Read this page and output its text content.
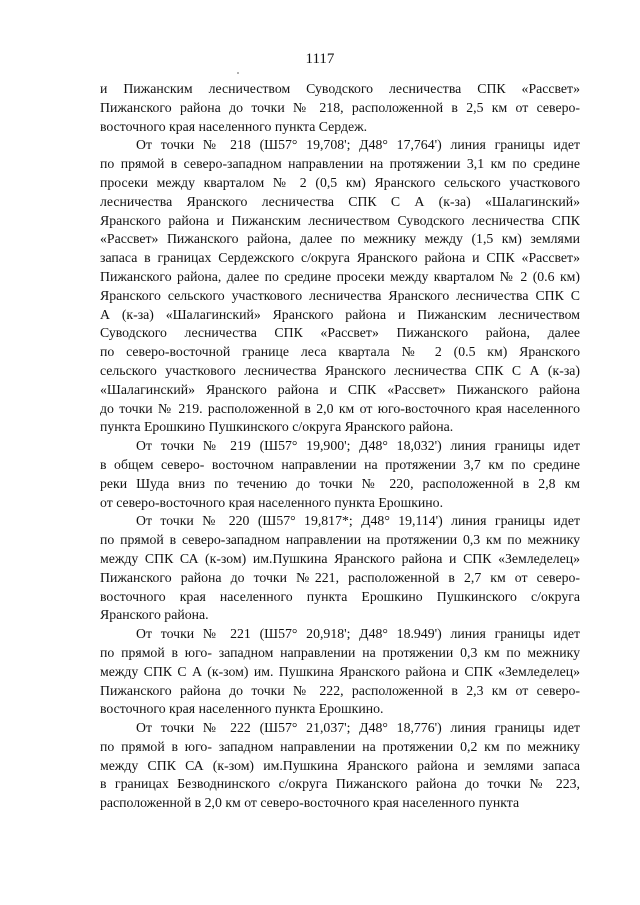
1117

и Пижанским лесничеством Суводского лесничества СПК «Рассвет»
Пижанского района до точки № 218, расположенной в 2,5 км от северо-
восточного края населенного пункта Сердеж.

От точки № 218 (Ш57° 19,708'; Д48° 17,764') линия границы идет
по прямой в северо-западном направлении на протяжении 3,1 км по средине
просеки между кварталом № 2 (0,5 км) Яранского сельского участкового
лесничества Яранского лесничества СПК С А (к-за) «Шалагинский»
Яранского района и Пижанским лесничеством Суводского лесничества СПК
«Рассвет» Пижанского района, далее по межнику между (1,5 км) землями
запаса в границах Сердежского с/округа Яранского района и СПК «Рассвет»
Пижанского района, далее по средине просеки между кварталом № 2 (0.6 км)
Яранского сельского участкового лесничества Яранского лесничества СПК С
А (к-за) «Шалагинский» Яранского района и Пижанским лесничеством
Суводского лесничества СПК «Рассвет» Пижанского района, далее
по северо-восточной границе леса квартала № 2 (0.5 км) Яранского
сельского участкового лесничества Яранского лесничества СПК С А (к-за)
«Шалагинский» Яранского района и СПК «Рассвет» Пижанского района
до точки № 219. расположенной в 2,0 км от юго-восточного края населенного
пункта Ерошкино Пушкинского с/округа Яранского района.

От точки № 219 (Ш57° 19,900'; Д48° 18,032') линия границы идет
в общем северо- восточном направлении на протяжении 3,7 км по средине
реки Шуда вниз по течению до точки № 220, расположенной в 2,8 км
от северо-восточного края населенного пункта Ерошкино.

От точки № 220 (Ш57° 19,817*; Д48° 19,114') линия границы идет
по прямой в северо-западном направлении на протяжении 0,3 км по межнику
между СПК СА (к-зом) им.Пушкина Яранского района и СПК «Земледелец»
Пижанского района до точки №221, расположенной в 2,7 км от северо-
восточного края населенного пункта Ерошкино Пушкинского с/округа
Яранского района.

От точки № 221 (Ш57° 20,918'; Д48° 18.949') линия границы идет
по прямой в юго- западном направлении на протяжении 0,3 км по межнику
между СПК С А (к-зом) им. Пушкина Яранского района и СПК «Земледелец»
Пижанского района до точки № 222, расположенной в 2,3 км от северо-
восточного края населенного пункта Ерошкино.

От точки № 222 (Ш57° 21,037'; Д48° 18,776') линия границы идет
по прямой в юго- западном направлении на протяжении 0,2 км по межнику
между СПК СА (к-зом) им.Пушкина Яранского района и землями запаса
в границах Безводнинского с/округа Пижанского района до точки № 223,
расположенной в 2,0 км от северо-восточного края населенного пункта
